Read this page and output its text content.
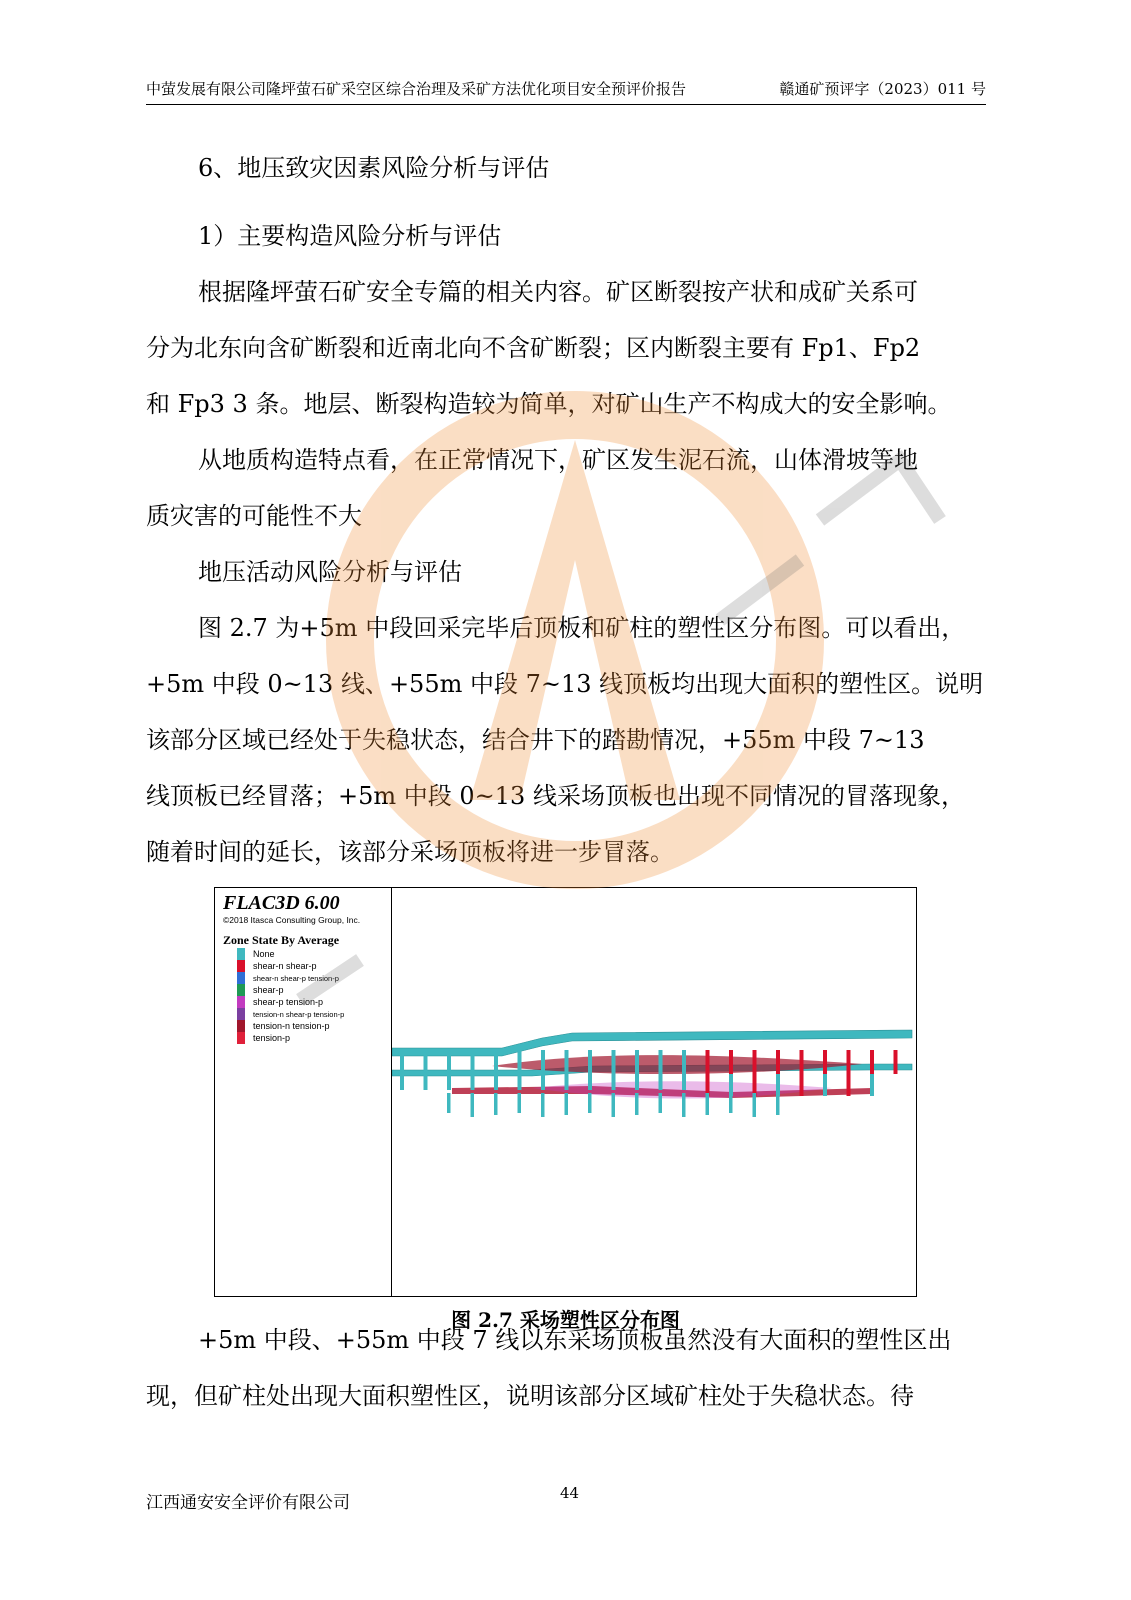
中萤发展有限公司隆坪萤石矿采空区综合治理及采矿方法优化项目安全预评价报告	赣通矿预评字（2023）011 号
6、地压致灾因素风险分析与评估
1）主要构造风险分析与评估
根据隆坪萤石矿安全专篇的相关内容。矿区断裂按产状和成矿关系可
分为北东向含矿断裂和近南北向不含矿断裂；区内断裂主要有 Fp1、Fp2
和 Fp3 3 条。地层、断裂构造较为简单，对矿山生产不构成大的安全影响。
从地质构造特点看，在正常情况下，矿区发生泥石流，山体滑坡等地
质灾害的可能性不大
地压活动风险分析与评估
图 2.7 为+5m 中段回采完毕后顶板和矿柱的塑性区分布图。可以看出，
+5m 中段 0~13 线、+55m 中段 7~13 线顶板均出现大面积的塑性区。说明
该部分区域已经处于失稳状态，结合井下的踏勘情况，+55m 中段 7~13
线顶板已经冒落；+5m 中段 0~13 线采场顶板也出现不同情况的冒落现象，
随着时间的延长，该部分采场顶板将进一步冒落。
FLAC3D 6.00
©2018 Itasca Consulting Group, Inc.
Zone State By Average
None
shear-n shear-p
shear-n shear-p tension-p
shear-p
shear-p tension-p
tension-n shear-p tension-p
tension-n tension-p
tension-p
图 2.7 采场塑性区分布图
+5m 中段、+55m 中段 7 线以东采场顶板虽然没有大面积的塑性区出
现，但矿柱处出现大面积塑性区，说明该部分区域矿柱处于失稳状态。待
江西通安安全评价有限公司	44
